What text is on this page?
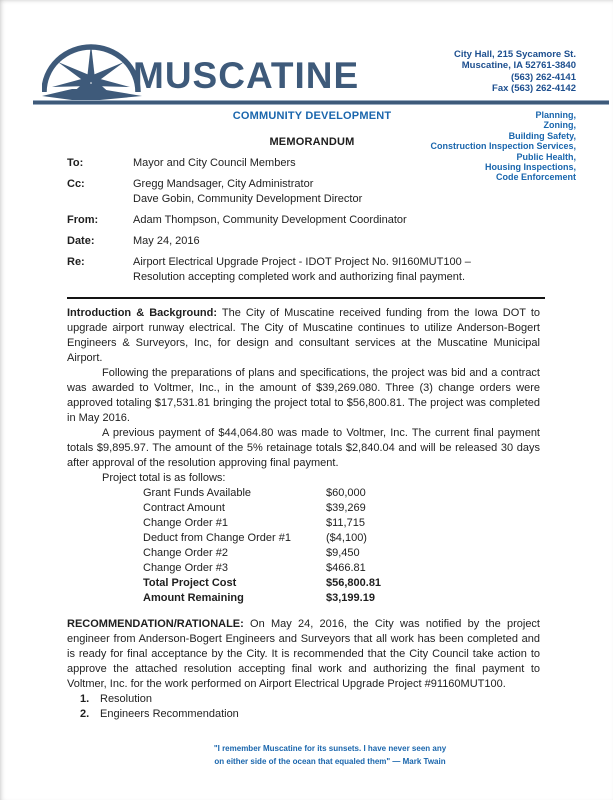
MUSCATINE
City Hall, 215 Sycamore St.
Muscatine, IA 52761-3840
(563) 262-4141
Fax (563) 262-4142
COMMUNITY DEVELOPMENT
MEMORANDUM
Planning,
Zoning,
Building Safety,
Construction Inspection Services,
Public Health,
Housing Inspections,
Code Enforcement
To:	Mayor and City Council Members
Cc:	Gregg Mandsager, City Administrator
Dave Gobin, Community Development Director
From:	Adam Thompson, Community Development Coordinator
Date:	May 24, 2016
Re:	Airport Electrical Upgrade Project - IDOT Project No. 9I160MUT100 –
Resolution accepting completed work and authorizing final payment.

Introduction & Background: The City of Muscatine received funding from the Iowa DOT to upgrade airport runway electrical. The City of Muscatine continues to utilize Anderson-Bogert Engineers & Surveyors, Inc, for design and consultant services at the Muscatine Municipal Airport.

Following the preparations of plans and specifications, the project was bid and a contract was awarded to Voltmer, Inc., in the amount of $39,269.080. Three (3) change orders were approved totaling $17,531.81 bringing the project total to $56,800.81. The project was completed in May 2016.

A previous payment of $44,064.80 was made to Voltmer, Inc. The current final payment totals $9,895.97. The amount of the 5% retainage totals $2,840.04 and will be released 30 days after approval of the resolution approving final payment.

Project total is as follows:

Grant Funds Available	$60,000
Contract Amount	$39,269
Change Order #1	$11,715
Deduct from Change Order #1	($4,100)
Change Order #2	$9,450
Change Order #3	$466.81
Total Project Cost	$56,800.81
Amount Remaining	$3,199.19

RECOMMENDATION/RATIONALE: On May 24, 2016, the City was notified by the project engineer from Anderson-Bogert Engineers and Surveyors that all work has been completed and is ready for final acceptance by the City. It is recommended that the City Council take action to approve the attached resolution accepting final work and authorizing the final payment to Voltmer, Inc. for the work performed on Airport Electrical Upgrade Project #91160MUT100.

1. Resolution
2. Engineers Recommendation
"I remember Muscatine for its sunsets. I have never seen any
on either side of the ocean that equaled them" — Mark Twain
